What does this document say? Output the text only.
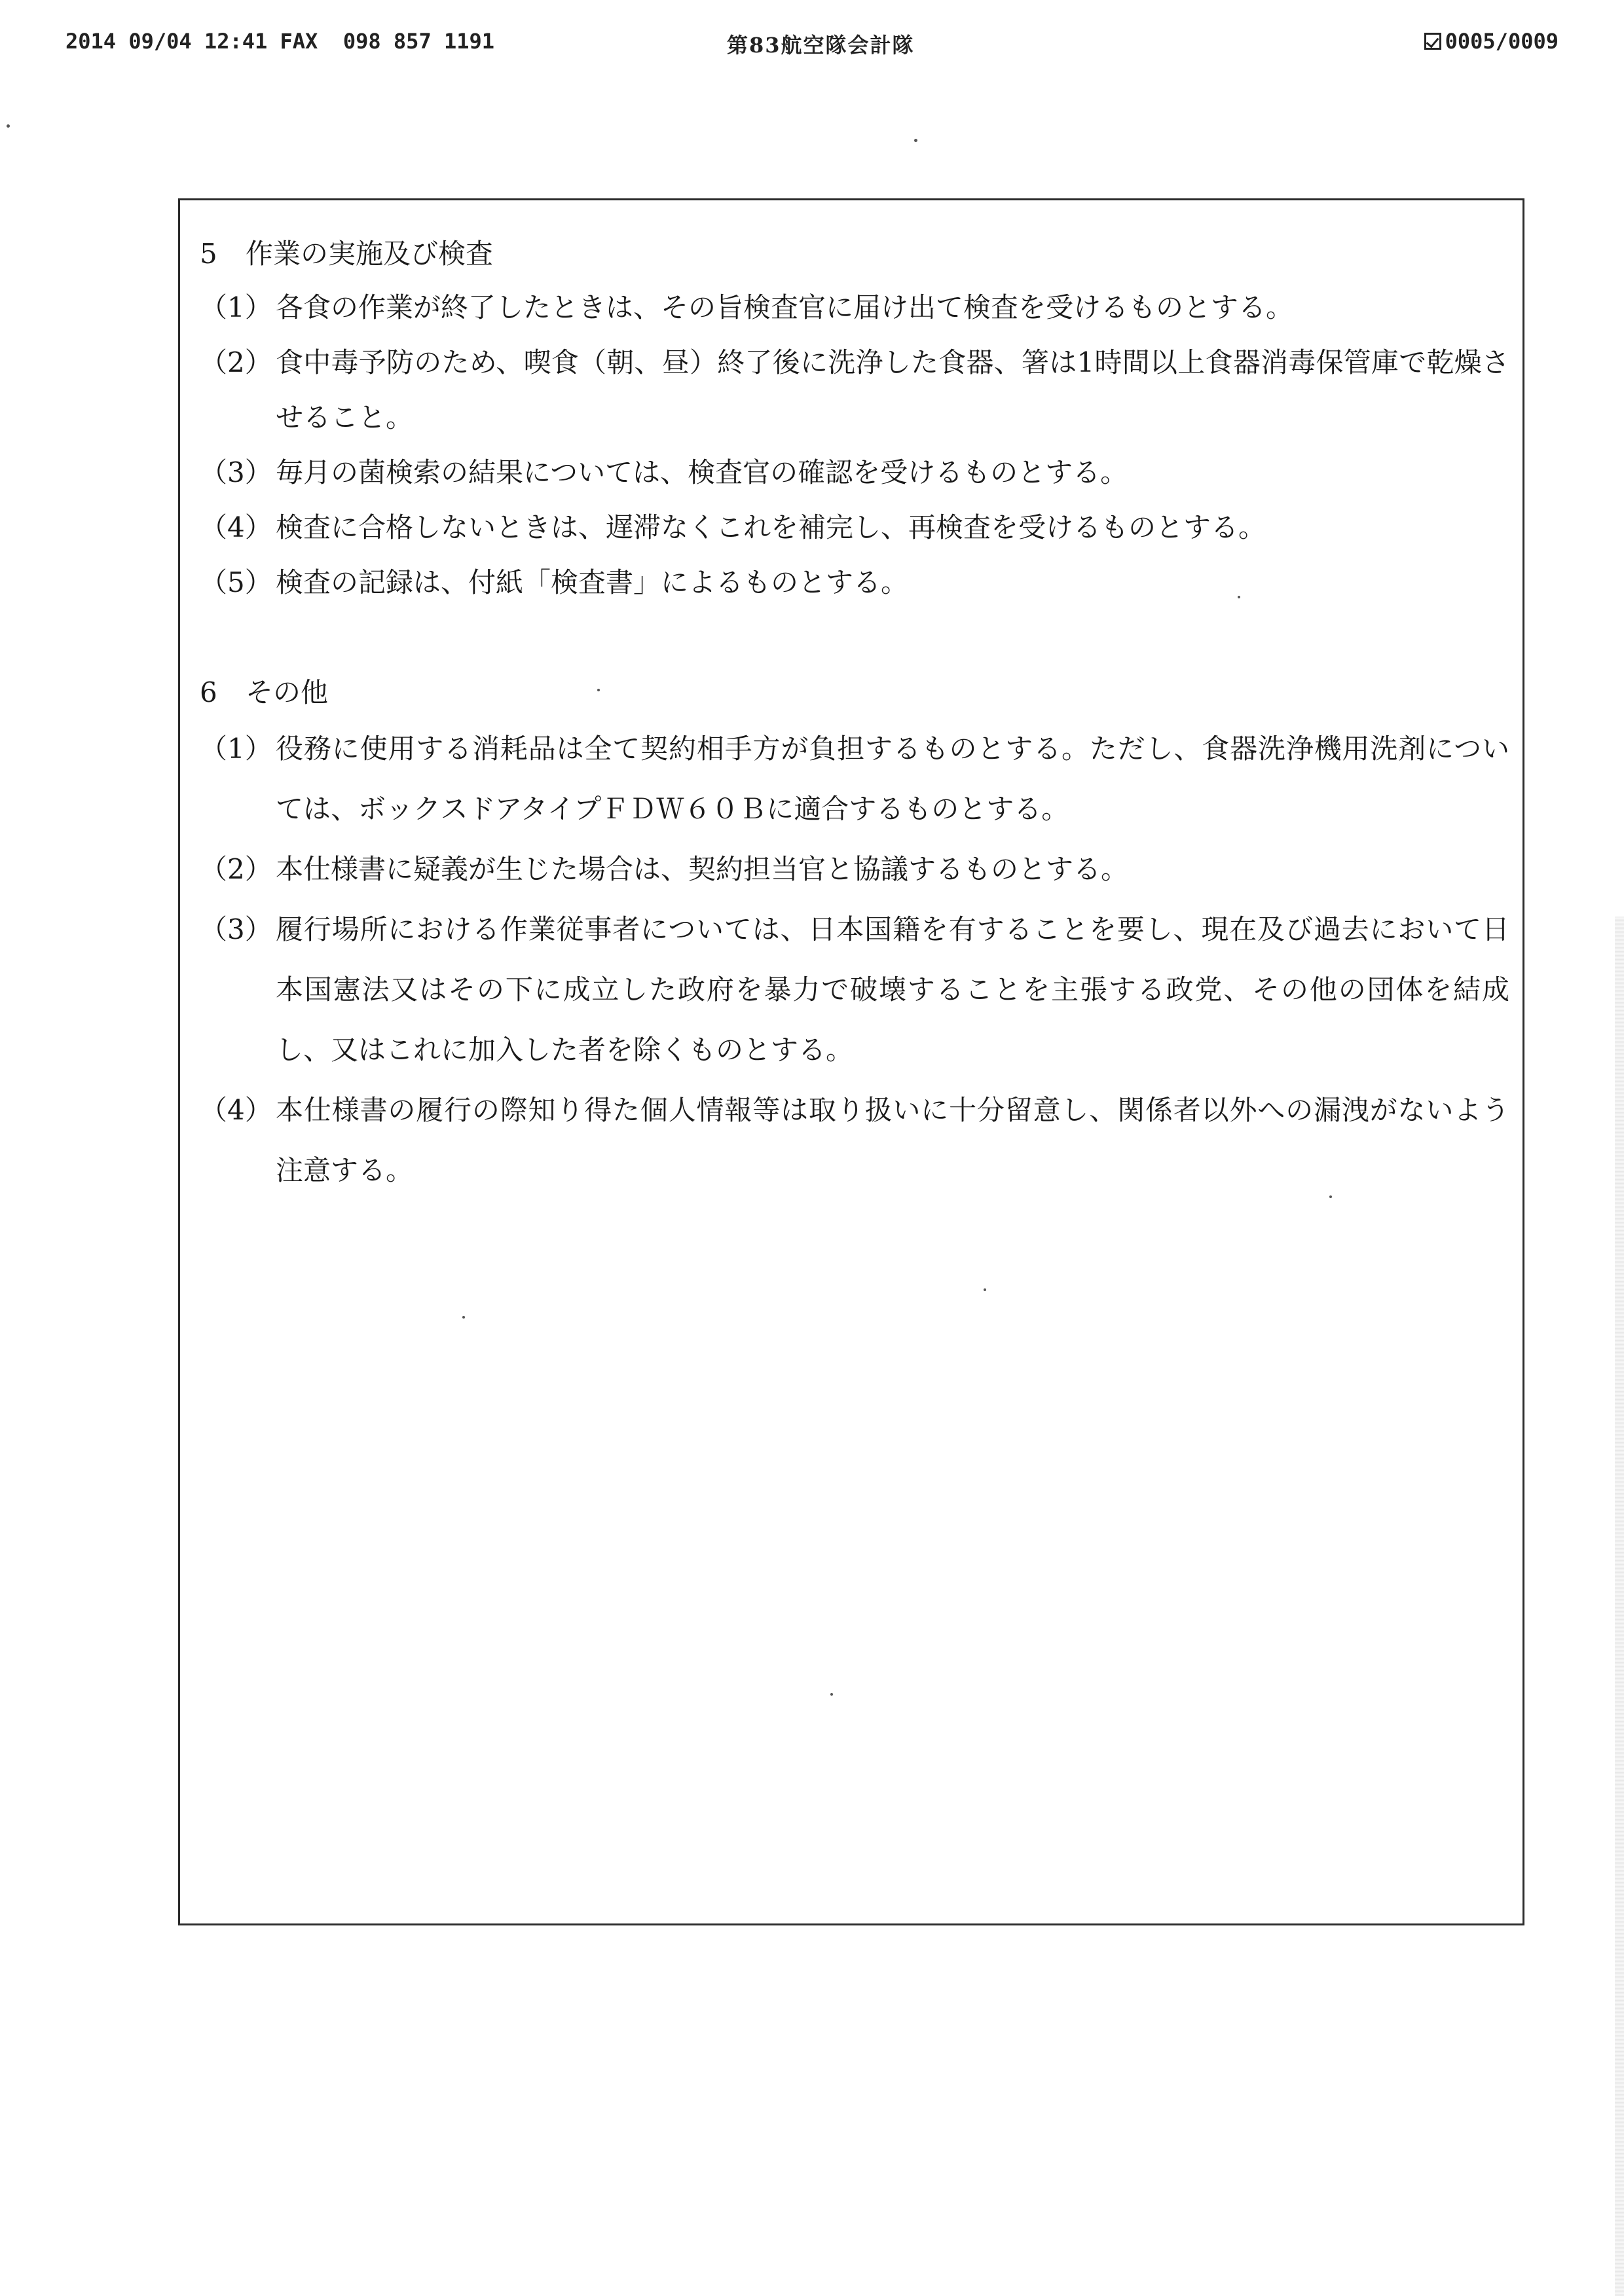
2014 09/04 12:41 FAX 098 857 1191	第83航空隊会計隊	0005/0009
5 作業の実施及び検査
（1） 各食の作業が終了したときは、その旨検査官に届け出て検査を受けるものとする。
（2） 食中毒予防のため、喫食（朝、昼）終了後に洗浄した食器、箸は1時間以上食器消毒保管庫で乾燥させること。
（3） 毎月の菌検索の結果については、検査官の確認を受けるものとする。
（4） 検査に合格しないときは、遅滞なくこれを補完し、再検査を受けるものとする。
（5） 検査の記録は、付紙「検査書」によるものとする。
6 その他
（1） 役務に使用する消耗品は全て契約相手方が負担するものとする。ただし、食器洗浄機用洗剤については、ボックスドアタイプＦＤＷ６０Ｂに適合するものとする。
（2） 本仕様書に疑義が生じた場合は、契約担当官と協議するものとする。
（3） 履行場所における作業従事者については、日本国籍を有することを要し、現在及び過去において日本国憲法又はその下に成立した政府を暴力で破壊することを主張する政党、その他の団体を結成し、又はこれに加入した者を除くものとする。
（4） 本仕様書の履行の際知り得た個人情報等は取り扱いに十分留意し、関係者以外への漏洩がないよう注意する。
